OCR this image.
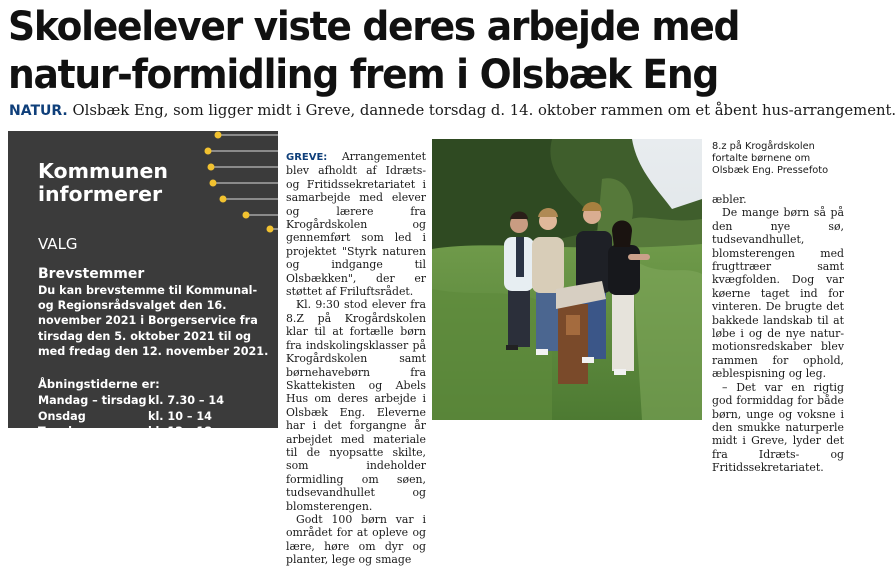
Skoleelever viste deres arbejde med natur-formidling frem i Olsbæk Eng
NATUR. Olsbæk Eng, som ligger midt i Greve, dannede torsdag d. 14. oktober rammen om et åbent hus-arrangement.
Kommunen informerer
VALG
Brevstemmer
Du kan brevstemme til Kommunal- og Regionsrådsvalget den 16. november 2021 i Borgerservice fra tirsdag den 5. oktober 2021 til og med fredag den 12. november 2021.
Åbningstiderne er:
Mandag – tirsdag kl. 7.30 – 14
Onsdag	kl. 10 – 14
Torsdag	kl. 12 – 18

GREVE: Arrangementet blev afholdt af Idræts- og Fritidssekretariatet i samarbejde med elever og lærere fra Krogårdskolen og gennemført som led i projektet "Styrk naturen og indgange til Olsbækken", der er støttet af Friluftsrådet.

Kl. 9:30 stod elever fra 8.Z på Krogårdskolen klar til at fortælle børn fra indskolingsklasser på Krogårdskolen samt børnehavebørn fra Skattekisten og Abels Hus om deres arbejde i Olsbæk Eng. Eleverne har i det forgangne år arbejdet med materiale til de nyopsatte skilte, som indeholder formidling om søen, tudsevandhullet og blomsterengen.

Godt 100 børn var i området for at opleve og lære, høre om dyr og planter, lege og smage

8.z på Krogårdskolen fortalte børnene om Olsbæk Eng. Pressefoto

æbler.

De mange børn så på den nye sø, tudsevandhullet, blomsterengen med frugttræer samt kvægfolden. Dog var køerne taget ind for vinteren. De brugte det bakkede landskab til at løbe i og de nye natur-motionsredskaber blev rammen for ophold, æblespisning og leg.

– Det var en rigtig god formiddag for både børn, unge og voksne i den smukke naturperle midt i Greve, lyder det fra Idræts- og Fritidssekretariatet.
